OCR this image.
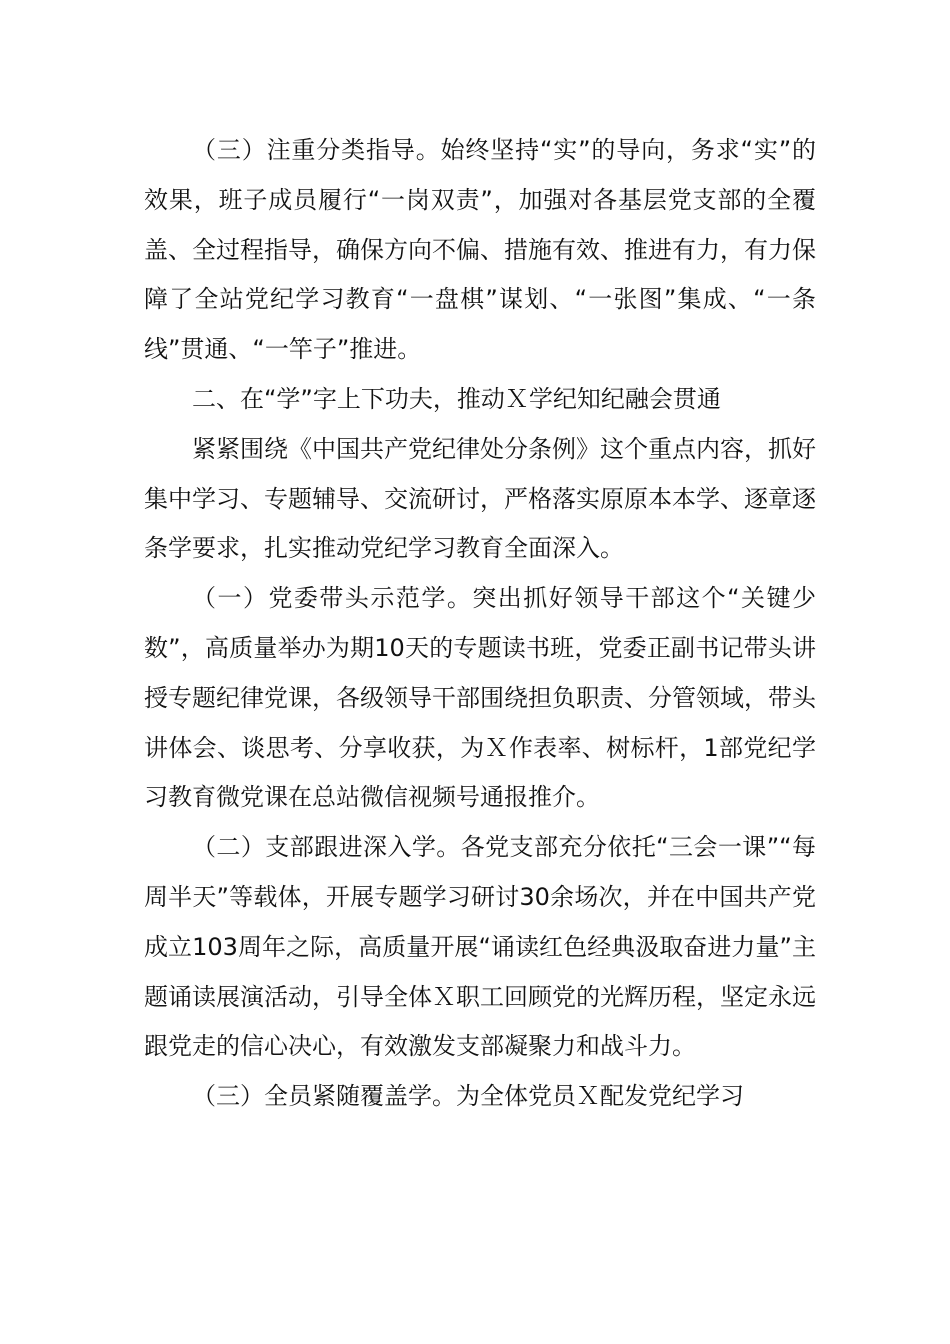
（三）注重分类指导。始终坚持“实”的导向，务求“实”的效果，班子成员履行“一岗双责”，加强对各基层党支部的全覆盖、全过程指导，确保方向不偏、措施有效、推进有力，有力保障了全站党纪学习教育“一盘棋”谋划、“一张图”集成、“一条线”贯通、“一竿子”推进。

二、在“学”字上下功夫，推动Ｘ学纪知纪融会贯通

紧紧围绕《中国共产党纪律处分条例》这个重点内容，抓好集中学习、专题辅导、交流研讨，严格落实原原本本学、逐章逐条学要求，扎实推动党纪学习教育全面深入。

（一）党委带头示范学。突出抓好领导干部这个“关键少数”，高质量举办为期10天的专题读书班，党委正副书记带头讲授专题纪律党课，各级领导干部围绕担负职责、分管领域，带头讲体会、谈思考、分享收获，为Ｘ作表率、树标杆，1部党纪学习教育微党课在总站微信视频号通报推介。

（二）支部跟进深入学。各党支部充分依托“三会一课”“每周半天”等载体，开展专题学习研讨30余场次，并在中国共产党成立103周年之际，高质量开展“诵读红色经典汲取奋进力量”主题诵读展演活动，引导全体Ｘ职工回顾党的光辉历程，坚定永远跟党走的信心决心，有效激发支部凝聚力和战斗力。

（三）全员紧随覆盖学。为全体党员Ｘ配发党纪学习
